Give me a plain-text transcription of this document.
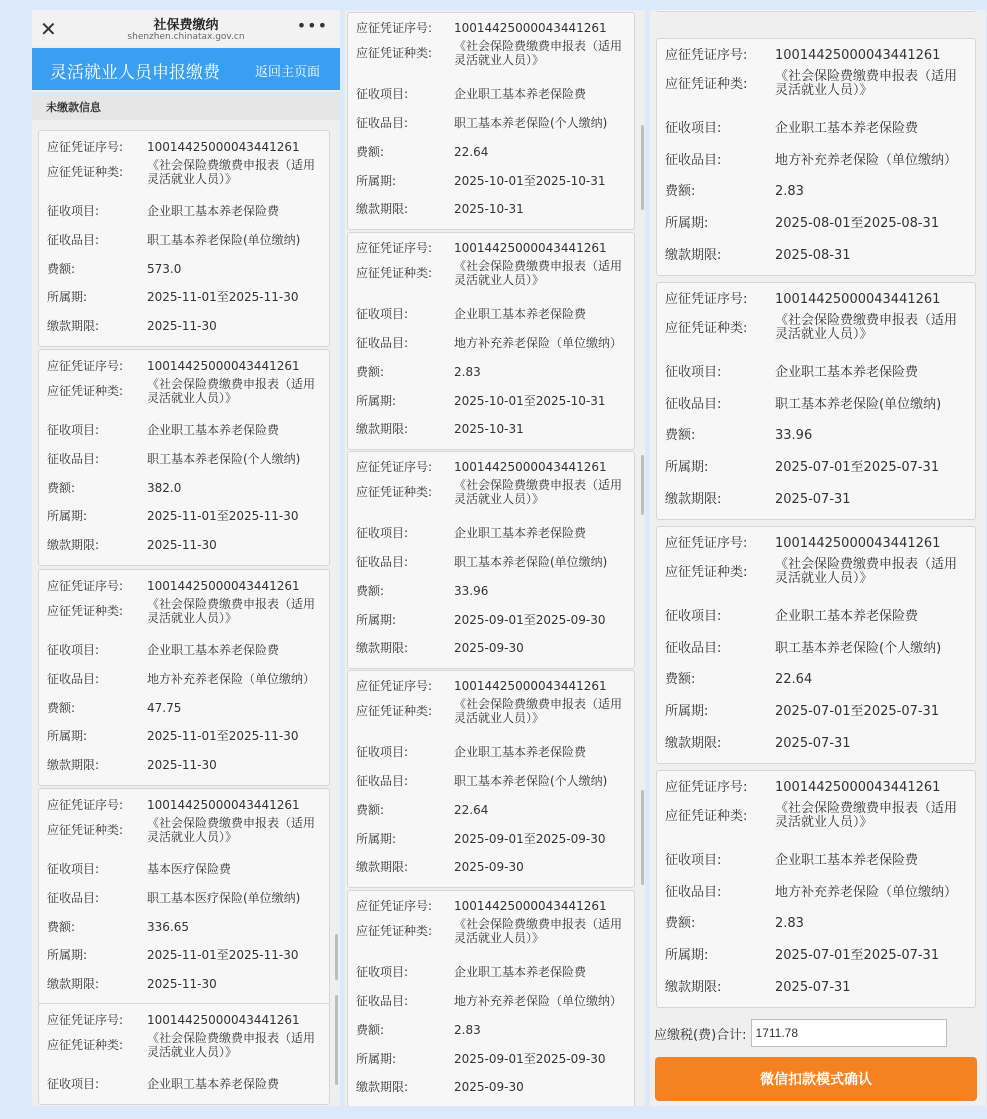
✕	社保费缴纳
shenzhen.chinatax.gov.cn
•••
灵活就业人员申报缴费	返回主页面
未缴款信息
应征凭证序号:	10014425000043441261
应征凭证种类:	《社会保险费缴费申报表（适用灵活就业人员）》
征收项目:	企业职工基本养老保险费
征收品目:	职工基本养老保险(单位缴纳)
费额:	573.0
所属期:	2025-11-01至2025-11-30
缴款期限:	2025-11-30
应征凭证序号:	10014425000043441261
应征凭证种类:	《社会保险费缴费申报表（适用灵活就业人员）》
征收项目:	企业职工基本养老保险费
征收品目:	职工基本养老保险(个人缴纳)
费额:	382.0
所属期:	2025-11-01至2025-11-30
缴款期限:	2025-11-30
应征凭证序号:	10014425000043441261
应征凭证种类:	《社会保险费缴费申报表（适用灵活就业人员）》
征收项目:	企业职工基本养老保险费
征收品目:	地方补充养老保险（单位缴纳）
费额:	47.75
所属期:	2025-11-01至2025-11-30
缴款期限:	2025-11-30
应征凭证序号:	10014425000043441261
应征凭证种类:	《社会保险费缴费申报表（适用灵活就业人员）》
征收项目:	基本医疗保险费
征收品目:	职工基本医疗保险(单位缴纳)
费额:	336.65
所属期:	2025-11-01至2025-11-30
缴款期限:	2025-11-30
应征凭证序号:	10014425000043441261
应征凭证种类:	《社会保险费缴费申报表（适用灵活就业人员）》
征收项目:	企业职工基本养老保险费
应征凭证序号:	10014425000043441261
应征凭证种类:	《社会保险费缴费申报表（适用灵活就业人员）》
征收项目:	企业职工基本养老保险费
征收品目:	职工基本养老保险(个人缴纳)
费额:	22.64
所属期:	2025-10-01至2025-10-31
缴款期限:	2025-10-31
应征凭证序号:	10014425000043441261
应征凭证种类:	《社会保险费缴费申报表（适用灵活就业人员）》
征收项目:	企业职工基本养老保险费
征收品目:	地方补充养老保险（单位缴纳）
费额:	2.83
所属期:	2025-10-01至2025-10-31
缴款期限:	2025-10-31
应征凭证序号:	10014425000043441261
应征凭证种类:	《社会保险费缴费申报表（适用灵活就业人员）》
征收项目:	企业职工基本养老保险费
征收品目:	职工基本养老保险(单位缴纳)
费额:	33.96
所属期:	2025-09-01至2025-09-30
缴款期限:	2025-09-30
应征凭证序号:	10014425000043441261
应征凭证种类:	《社会保险费缴费申报表（适用灵活就业人员）》
征收项目:	企业职工基本养老保险费
征收品目:	职工基本养老保险(个人缴纳)
费额:	22.64
所属期:	2025-09-01至2025-09-30
缴款期限:	2025-09-30
应征凭证序号:	10014425000043441261
应征凭证种类:	《社会保险费缴费申报表（适用灵活就业人员）》
征收项目:	企业职工基本养老保险费
征收品目:	地方补充养老保险（单位缴纳）
费额:	2.83
所属期:	2025-09-01至2025-09-30
缴款期限:	2025-09-30
应征凭证序号:	10014425000043441261
应征凭证种类:	《社会保险费缴费申报表（适用灵活就业人员）》
征收项目:	企业职工基本养老保险费
征收品目:	地方补充养老保险（单位缴纳）
费额:	2.83
所属期:	2025-08-01至2025-08-31
缴款期限:	2025-08-31
应征凭证序号:	10014425000043441261
应征凭证种类:	《社会保险费缴费申报表（适用灵活就业人员）》
征收项目:	企业职工基本养老保险费
征收品目:	职工基本养老保险(单位缴纳)
费额:	33.96
所属期:	2025-07-01至2025-07-31
缴款期限:	2025-07-31
应征凭证序号:	10014425000043441261
应征凭证种类:	《社会保险费缴费申报表（适用灵活就业人员）》
征收项目:	企业职工基本养老保险费
征收品目:	职工基本养老保险(个人缴纳)
费额:	22.64
所属期:	2025-07-01至2025-07-31
缴款期限:	2025-07-31
应征凭证序号:	10014425000043441261
应征凭证种类:	《社会保险费缴费申报表（适用灵活就业人员）》
征收项目:	企业职工基本养老保险费
征收品目:	地方补充养老保险（单位缴纳）
费额:	2.83
所属期:	2025-07-01至2025-07-31
缴款期限:	2025-07-31
应缴税(费)合计:
1711.78
微信扣款模式确认
